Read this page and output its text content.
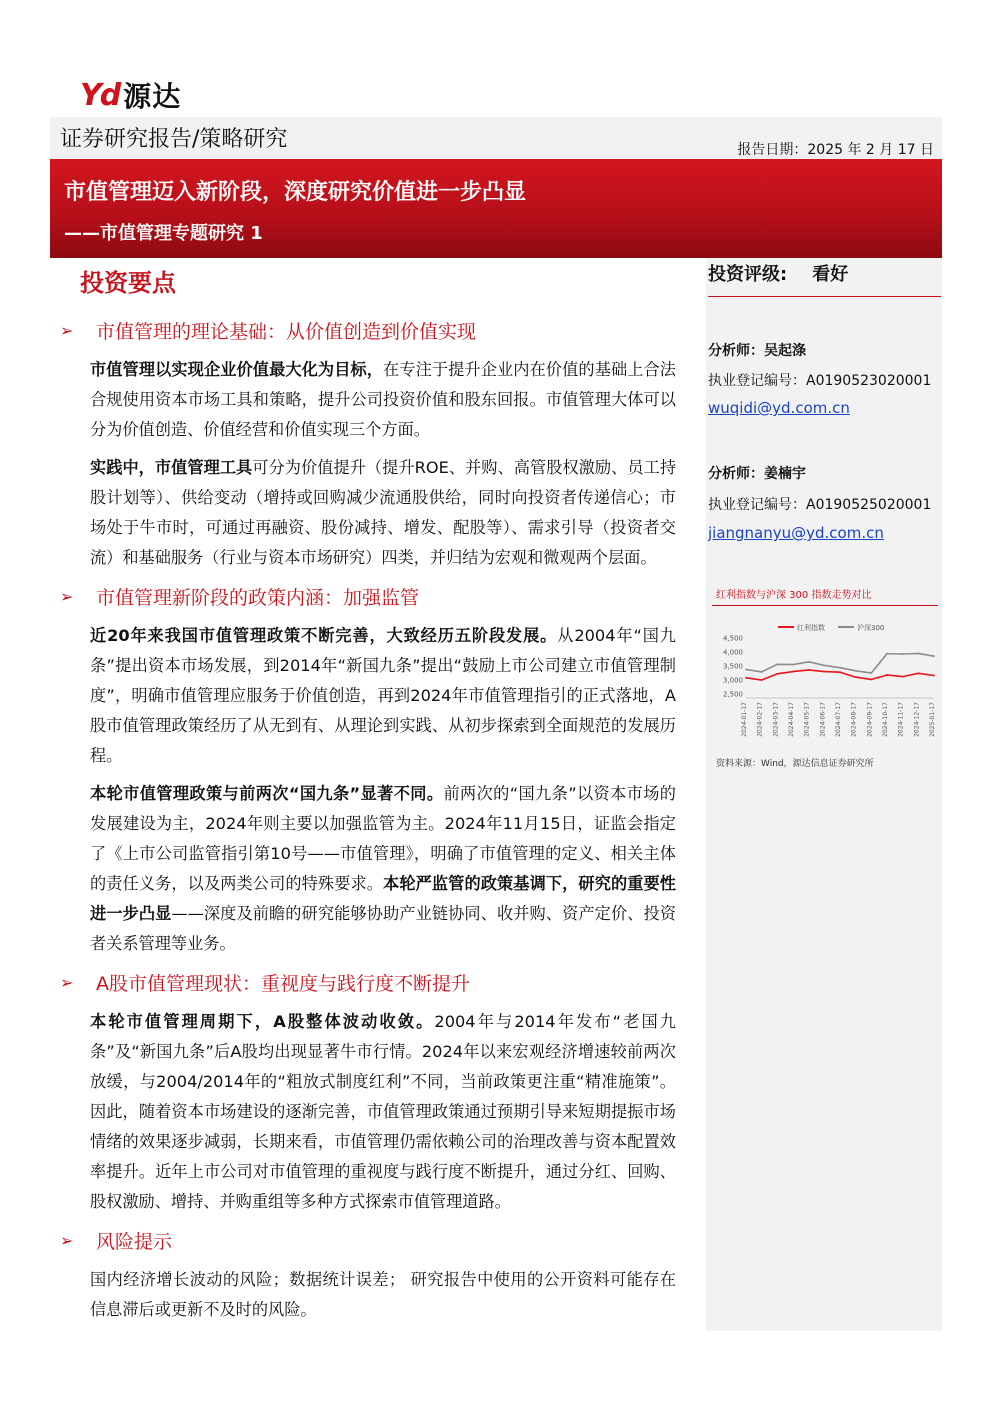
Yd 源达
证券研究报告/策略研究	报告日期：2025 年 2 月 17 日
市值管理迈入新阶段，深度研究价值进一步凸显
——市值管理专题研究 1
投资要点
➢	市值管理的理论基础：从价值创造到价值实现
市值管理以实现企业价值最大化为目标，在专注于提升企业内在价值的基础上合法合规使用资本市场工具和策略，提升公司投资价值和股东回报。市值管理大体可以分为价值创造、价值经营和价值实现三个方面。
实践中，市值管理工具可分为价值提升（提升ROE、并购、高管股权激励、员工持股计划等）、供给变动（增持或回购减少流通股供给，同时向投资者传递信心；市场处于牛市时，可通过再融资、股份减持、增发、配股等）、需求引导（投资者交流）和基础服务（行业与资本市场研究）四类，并归结为宏观和微观两个层面。
➢	市值管理新阶段的政策内涵：加强监管
近20年来我国市值管理政策不断完善，大致经历五阶段发展。从2004年“国九条”提出资本市场发展，到2014年“新国九条”提出“鼓励上市公司建立市值管理制度”，明确市值管理应服务于价值创造，再到2024年市值管理指引的正式落地，A股市值管理政策经历了从无到有、从理论到实践、从初步探索到全面规范的发展历程。
本轮市值管理政策与前两次“国九条”显著不同。前两次的“国九条”以资本市场的发展建设为主，2024年则主要以加强监管为主。2024年11月15日，证监会指定了《上市公司监管指引第10号——市值管理》，明确了市值管理的定义、相关主体的责任义务，以及两类公司的特殊要求。本轮严监管的政策基调下，研究的重要性进一步凸显——深度及前瞻的研究能够协助产业链协同、收并购、资产定价、投资者关系管理等业务。
➢	A股市值管理现状：重视度与践行度不断提升
本轮市值管理周期下，A股整体波动收敛。2004年与2014年发布“老国九条”及“新国九条”后A股均出现显著牛市行情。2024年以来宏观经济增速较前两次放缓，与2004/2014年的“粗放式制度红利”不同，当前政策更注重“精准施策”。因此，随着资本市场建设的逐渐完善，市值管理政策通过预期引导来短期提振市场情绪的效果逐步减弱，长期来看，市值管理仍需依赖公司的治理改善与资本配置效率提升。近年上市公司对市值管理的重视度与践行度不断提升，通过分红、回购、股权激励、增持、并购重组等多种方式探索市值管理道路。
➢	风险提示
国内经济增长波动的风险；数据统计误差； 研究报告中使用的公开资料可能存在信息滞后或更新不及时的风险。
投资评级:    看好
分析师：吴起涤
执业登记编号：A0190523020001
wuqidi@yd.com.cn
分析师：姜楠宇
执业登记编号：A0190525020001
jiangnanyu@yd.com.cn
红利指数与沪深 300 指数走势对比
红利指数	沪深300
4,500
4,000
3,500
3,000
2,500
2024-01-17 2024-02-17 2024-03-17 2024-04-17 2024-05-17 2024-06-17 2024-07-17 2024-08-17 2024-09-17 2024-10-17 2024-11-17 2024-12-17 2025-01-17
资料来源：Wind，源达信息证券研究所
